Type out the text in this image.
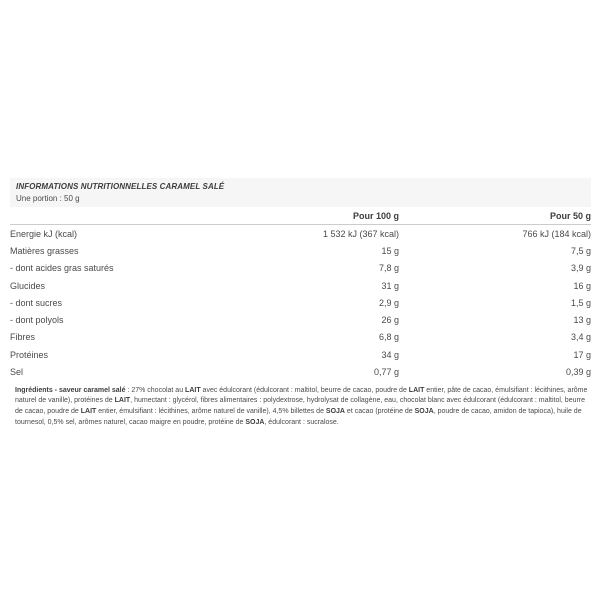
INFORMATIONS NUTRITIONNELLES CARAMEL SALÉ
Une portion : 50 g
	Pour 100 g	Pour 50 g
Energie kJ (kcal)	1 532 kJ (367 kcal)	766 kJ (184 kcal)
Matières grasses	15 g	7,5 g
- dont acides gras saturés	7,8 g	3,9 g
Glucides	31 g	16 g
- dont sucres	2,9 g	1,5 g
- dont polyols	26 g	13 g
Fibres	6,8 g	3,4 g
Protéines	34 g	17 g
Sel	0,77 g	0,39 g

Ingrédients - saveur caramel salé : 27% chocolat au LAIT avec édulcorant (édulcorant : maltitol, beurre de cacao, poudre de LAIT entier, pâte de cacao, émulsifiant : lécithines, arôme naturel de vanille), protéines de LAIT, humectant : glycérol, fibres alimentaires : polydextrose, hydrolysat de collagène, eau, chocolat blanc avec édulcorant (édulcorant : maltitol, beurre de cacao, poudre de LAIT entier, émulsifiant : lécithines, arôme naturel de vanille), 4,5% billettes de SOJA et cacao (protéine de SOJA, poudre de cacao, amidon de tapioca), huile de tournesol, 0,5% sel, arômes naturel, cacao maigre en poudre, protéine de SOJA, édulcorant : sucralose.
